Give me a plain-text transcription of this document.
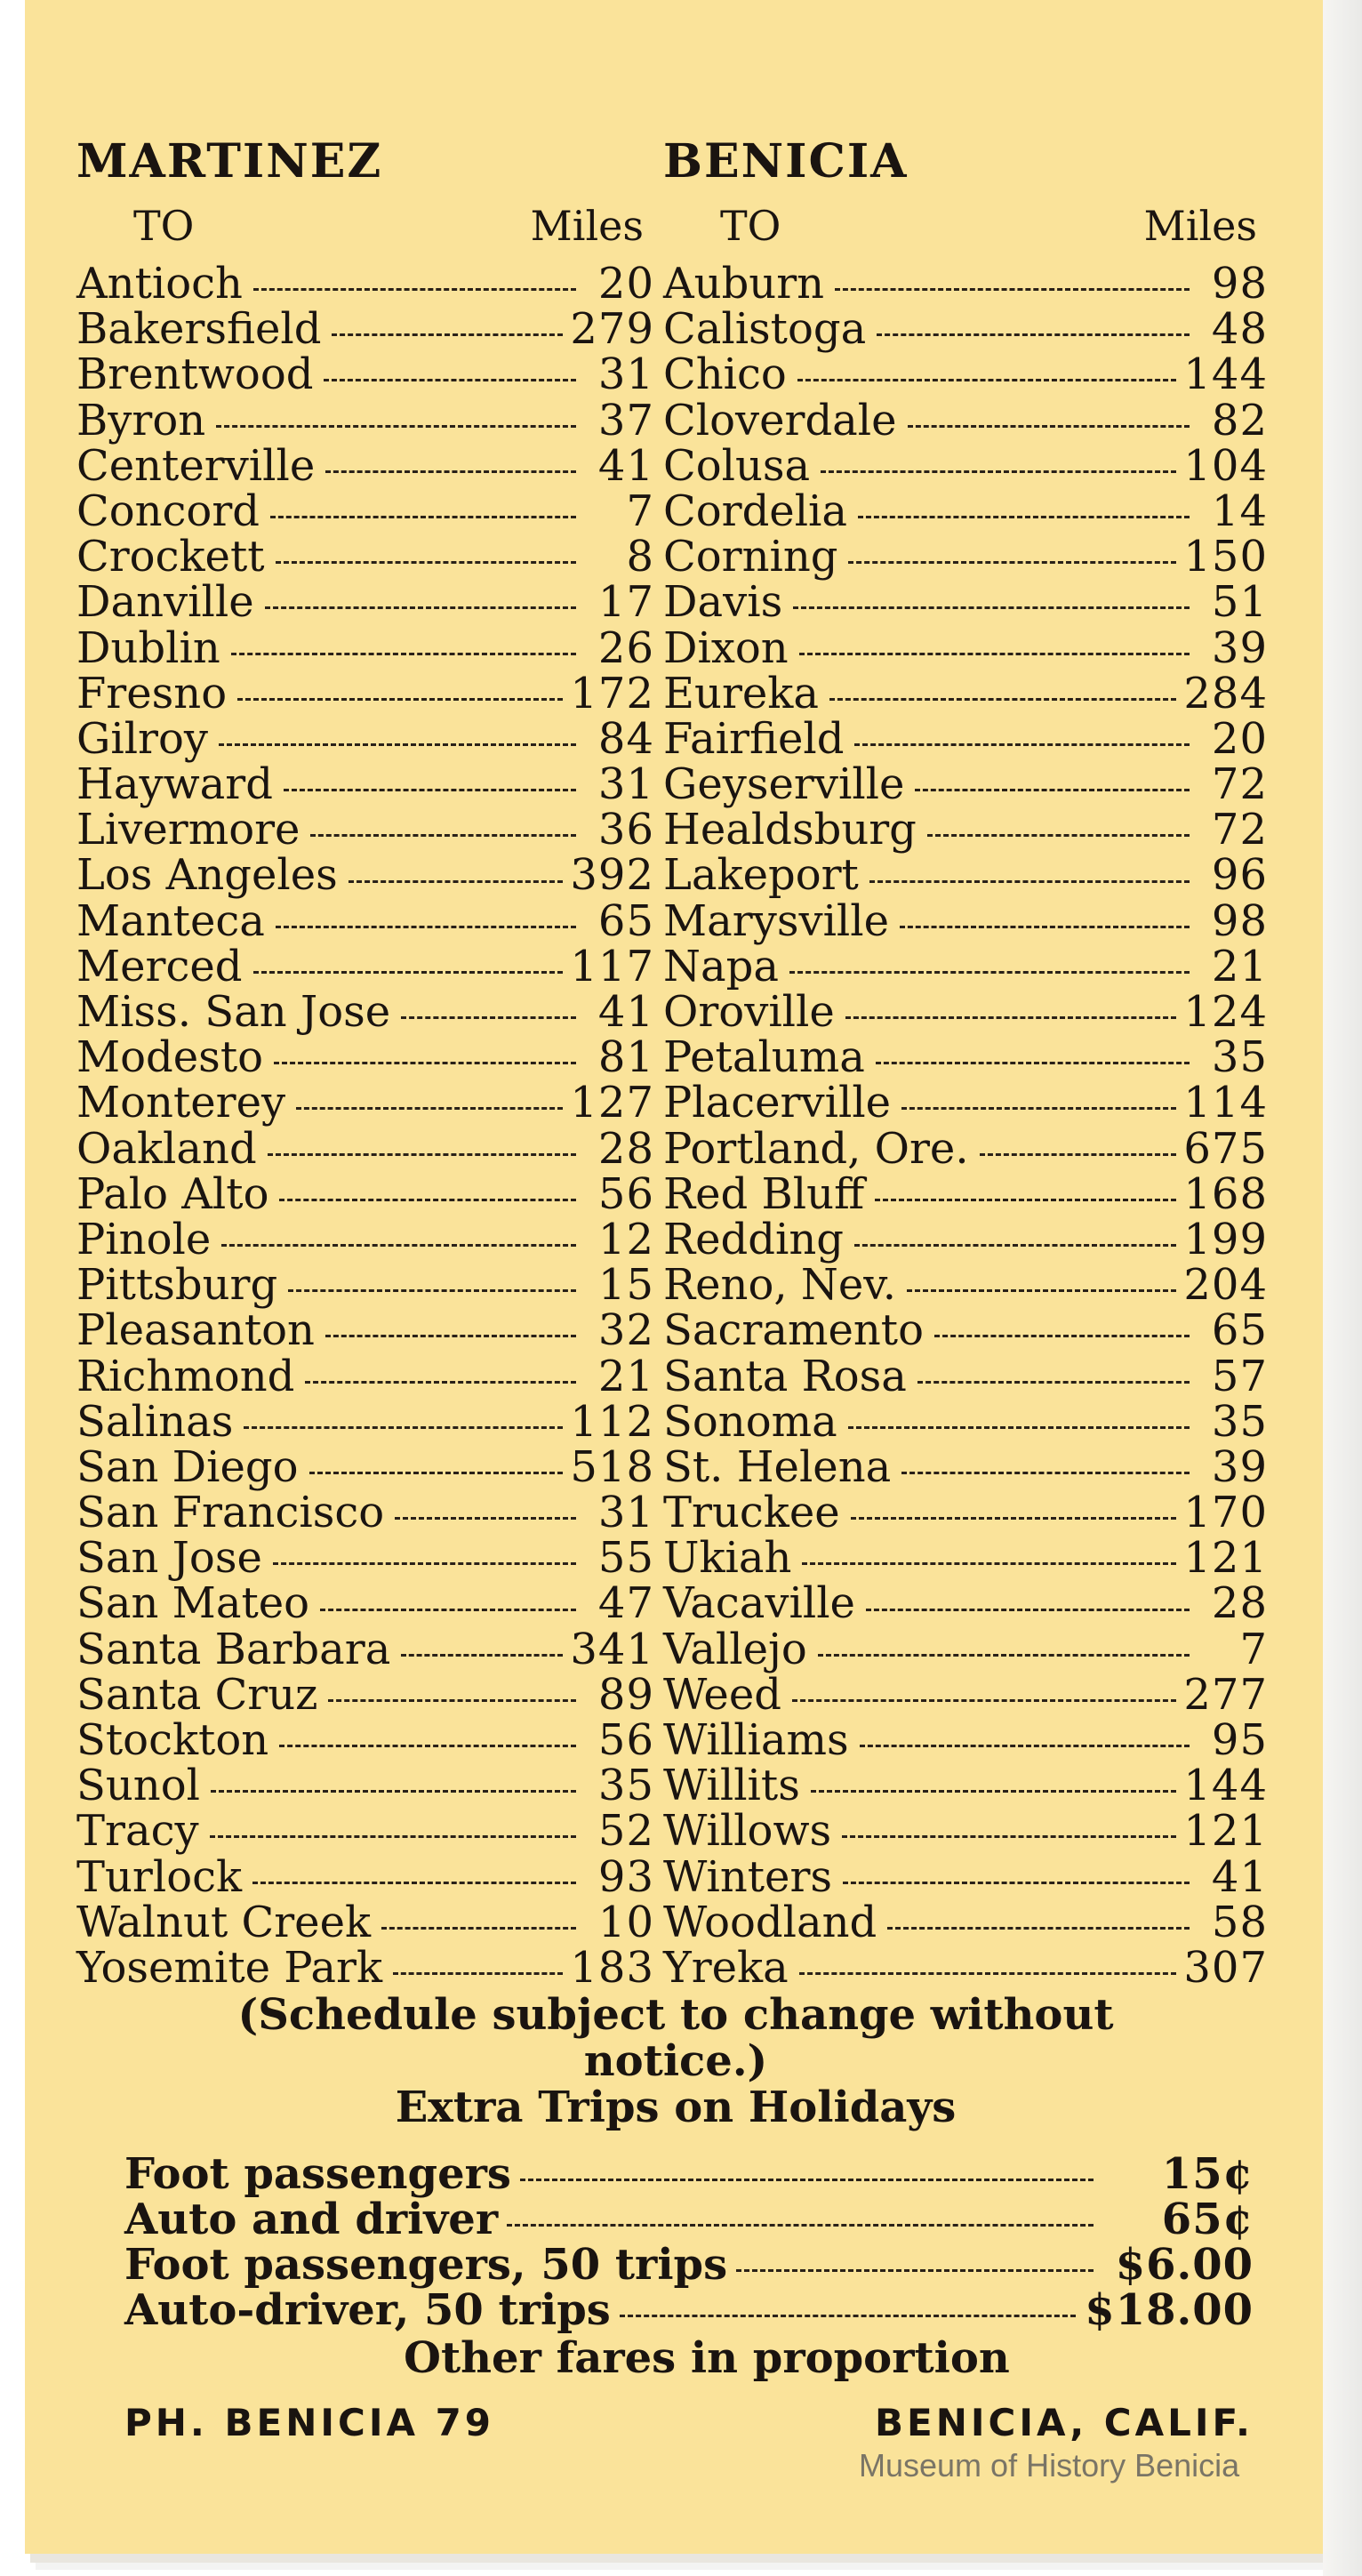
MARTINEZ
TO	Miles
Antioch	20
Bakersfield	279
Brentwood	31
Byron	37
Centerville	41
Concord	7
Crockett	8
Danville	17
Dublin	26
Fresno	172
Gilroy	84
Hayward	31
Livermore	36
Los Angeles	392
Manteca	65
Merced	117
Miss. San Jose	41
Modesto	81
Monterey	127
Oakland	28
Palo Alto	56
Pinole	12
Pittsburg	15
Pleasanton	32
Richmond	21
Salinas	112
San Diego	518
San Francisco	31
San Jose	55
San Mateo	47
Santa Barbara	341
Santa Cruz	89
Stockton	56
Sunol	35
Tracy	52
Turlock	93
Walnut Creek	10
Yosemite Park	183
BENICIA
TO	Miles
Auburn	98
Calistoga	48
Chico	144
Cloverdale	82
Colusa	104
Cordelia	14
Corning	150
Davis	51
Dixon	39
Eureka	284
Fairfield	20
Geyserville	72
Healdsburg	72
Lakeport	96
Marysville	98
Napa	21
Oroville	124
Petaluma	35
Placerville	114
Portland, Ore.	675
Red Bluff	168
Redding	199
Reno, Nev.	204
Sacramento	65
Santa Rosa	57
Sonoma	35
St. Helena	39
Truckee	170
Ukiah	121
Vacaville	28
Vallejo	7
Weed	277
Williams	95
Willits	144
Willows	121
Winters	41
Woodland	58
Yreka	307
(Schedule subject to change without
notice.)
Extra Trips on Holidays
Foot passengers	15¢
Auto and driver	65¢
Foot passengers, 50 trips	$6.00
Auto-driver, 50 trips	$18.00
Other fares in proportion
PH. BENICIA 79	BENICIA, CALIF.
Museum of History Benicia
